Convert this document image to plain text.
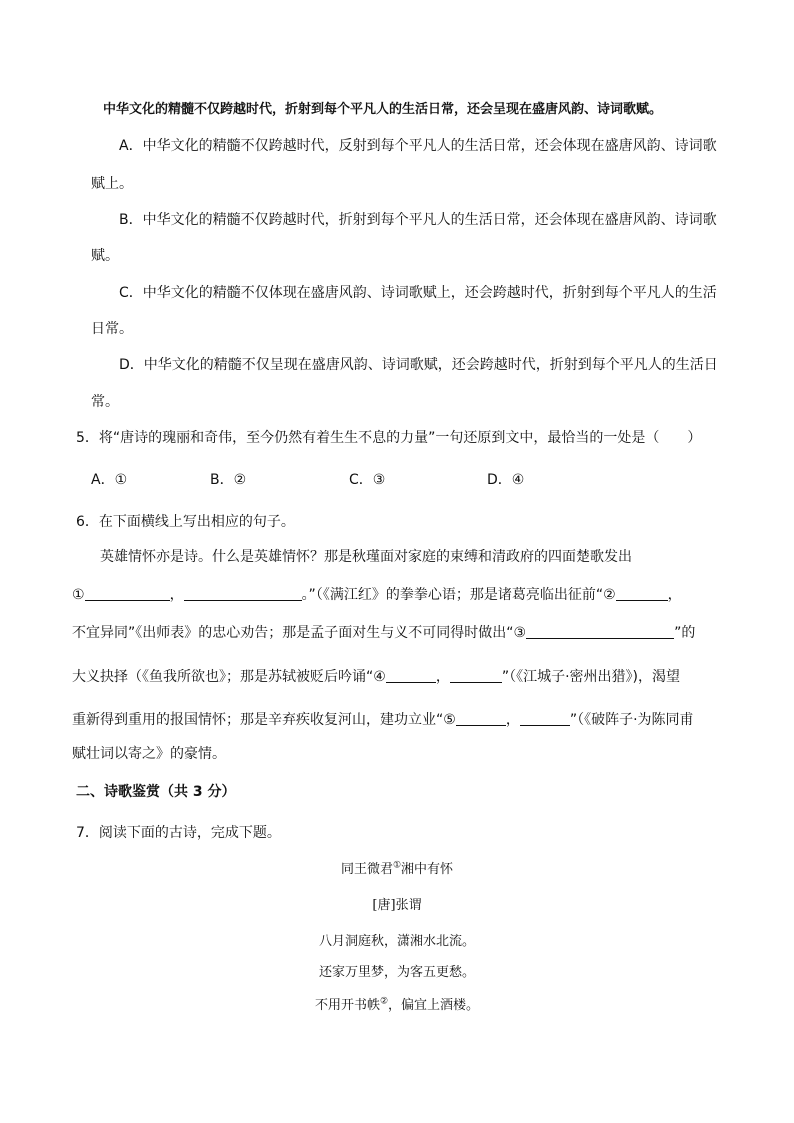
中华文化的精髓不仅跨越时代，折射到每个平凡人的生活日常，还会呈现在盛唐风韵、诗词歌赋。
A．中华文化的精髓不仅跨越时代，反射到每个平凡人的生活日常，还会体现在盛唐风韵、诗词歌
赋上。
B．中华文化的精髓不仅跨越时代，折射到每个平凡人的生活日常，还会体现在盛唐风韵、诗词歌
赋。
C．中华文化的精髓不仅体现在盛唐风韵、诗词歌赋上，还会跨越时代，折射到每个平凡人的生活
日常。
D．中华文化的精髓不仅呈现在盛唐风韵、诗词歌赋，还会跨越时代，折射到每个平凡人的生活日
常。
5．将“唐诗的瑰丽和奇伟，至今仍然有着生生不息的力量”一句还原到文中，最恰当的一处是（　　）
A．①	B．②	C．③	D．④
6．在下面横线上写出相应的句子。
英雄情怀亦是诗。什么是英雄情怀？那是秋瑾面对家庭的束缚和清政府的四面楚歌发出
①	，	。”（《满江红》的拳拳心语；那是诸葛亮临出征前“②	，
不宜异同”《出师表》的忠心劝告；那是孟子面对生与义不可同得时做出“③	”的
大义抉择（《鱼我所欲也》；那是苏轼被贬后吟诵“④	，	”（《江城子·密州出猎》)，渴望
重新得到重用的报国情怀；那是辛弃疾收复河山，建功立业“⑤	，	”（《破阵子·为陈同甫
赋壮词以寄之》的豪情。
二、诗歌鉴赏（共 3 分）
7．阅读下面的古诗，完成下题。
同王微君①湘中有怀
[唐]张谓
八月洞庭秋，潇湘水北流。
还家万里梦，为客五更愁。
不用开书帙②，偏宜上酒楼。
